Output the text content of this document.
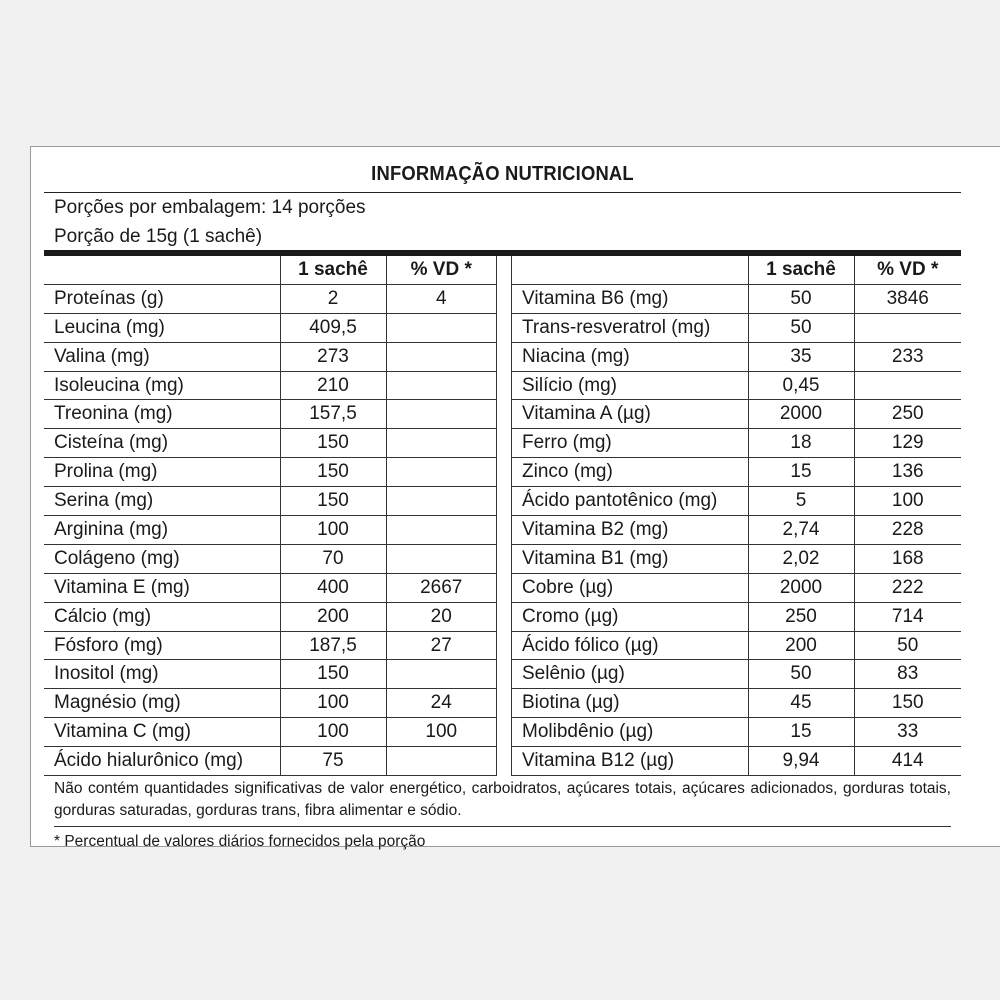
INFORMAÇÃO NUTRICIONAL
Porções por embalagem: 14 porções
Porção de 15g (1 sachê)
	1 sachê	% VD *
Proteínas (g)	2	4
Leucina (mg)	409,5	
Valina (mg)	273	
Isoleucina (mg)	210	
Treonina (mg)	157,5	
Cisteína (mg)	150	
Prolina (mg)	150	
Serina (mg)	150	
Arginina (mg)	100	
Colágeno (mg)	70	
Vitamina E (mg)	400	2667
Cálcio (mg)	200	20
Fósforo (mg)	187,5	27
Inositol (mg)	150	
Magnésio (mg)	100	24
Vitamina C (mg)	100	100
Ácido hialurônico (mg)	75	
	1 sachê	% VD *
Vitamina B6 (mg)	50	3846
Trans-resveratrol (mg)	50	
Niacina (mg)	35	233
Silício (mg)	0,45	
Vitamina A (µg)	2000	250
Ferro (mg)	18	129
Zinco (mg)	15	136
Ácido pantotênico (mg)	5	100
Vitamina B2 (mg)	2,74	228
Vitamina B1 (mg)	2,02	168
Cobre (µg)	2000	222
Cromo (µg)	250	714
Ácido fólico (µg)	200	50
Selênio (µg)	50	83
Biotina (µg)	45	150
Molibdênio (µg)	15	33
Vitamina B12 (µg)	9,94	414
Não contém quantidades significativas de valor energético, carboidratos, açúcares totais, açúcares adicionados, gorduras totais, gorduras saturadas, gorduras trans, fibra alimentar e sódio.
* Percentual de valores diários fornecidos pela porção
